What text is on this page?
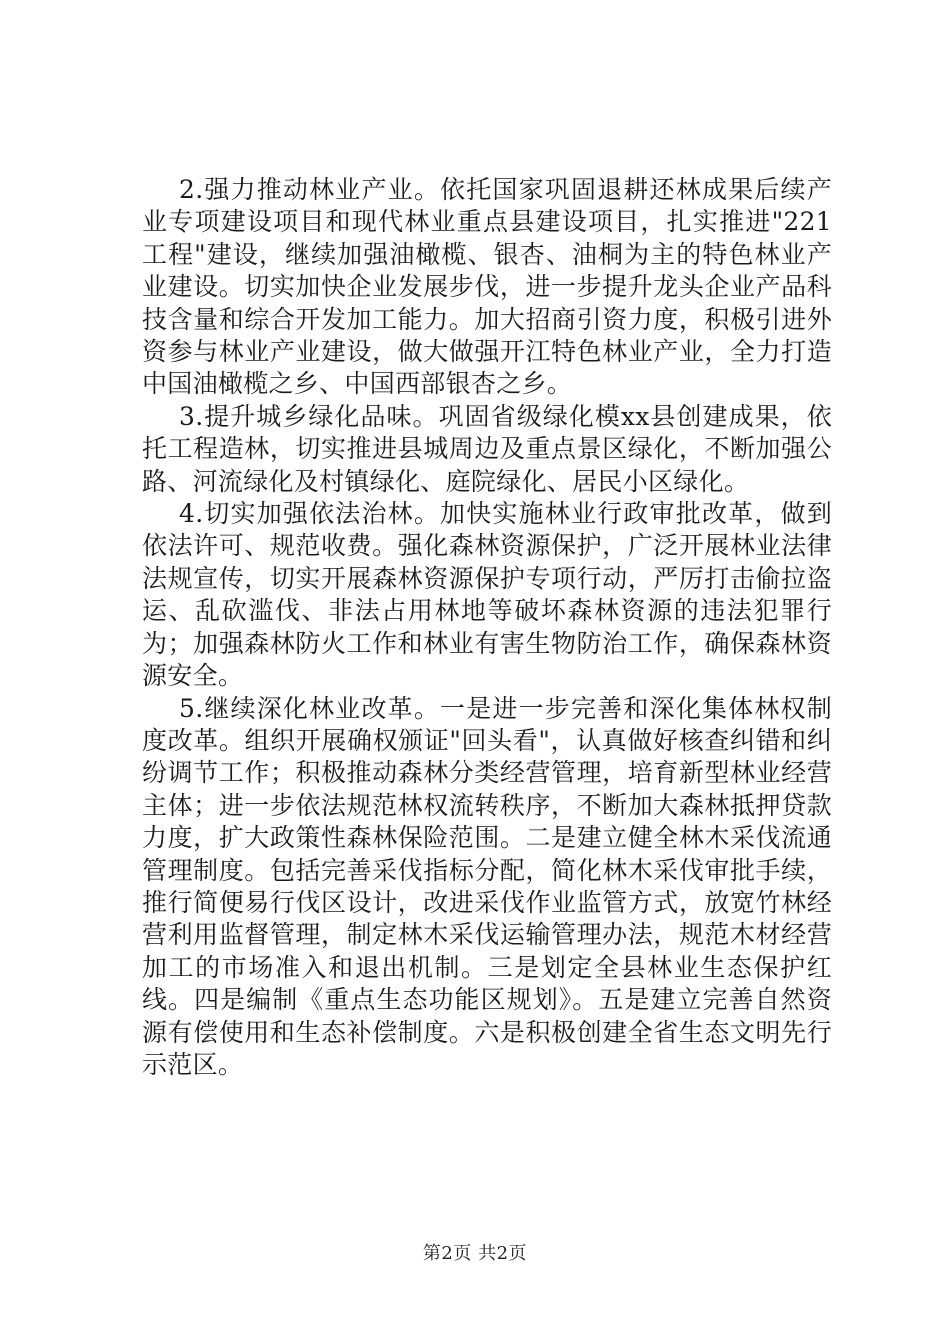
2.强力推动林业产业。依托国家巩固退耕还林成果后续产业专项建设项目和现代林业重点县建设项目，扎实推进"221工程"建设，继续加强油橄榄、银杏、油桐为主的特色林业产业建设。切实加快企业发展步伐，进一步提升龙头企业产品科技含量和综合开发加工能力。加大招商引资力度，积极引进外资参与林业产业建设，做大做强开江特色林业产业，全力打造中国油橄榄之乡、中国西部银杏之乡。

3.提升城乡绿化品味。巩固省级绿化模xx县创建成果，依托工程造林，切实推进县城周边及重点景区绿化，不断加强公路、河流绿化及村镇绿化、庭院绿化、居民小区绿化。

4.切实加强依法治林。加快实施林业行政审批改革，做到依法许可、规范收费。强化森林资源保护，广泛开展林业法律法规宣传，切实开展森林资源保护专项行动，严厉打击偷拉盗运、乱砍滥伐、非法占用林地等破坏森林资源的违法犯罪行为；加强森林防火工作和林业有害生物防治工作，确保森林资源安全。

5.继续深化林业改革。一是进一步完善和深化集体林权制度改革。组织开展确权颁证"回头看"，认真做好核查纠错和纠纷调节工作；积极推动森林分类经营管理，培育新型林业经营主体；进一步依法规范林权流转秩序，不断加大森林抵押贷款力度，扩大政策性森林保险范围。二是建立健全林木采伐流通管理制度。包括完善采伐指标分配，简化林木采伐审批手续，推行简便易行伐区设计，改进采伐作业监管方式，放宽竹林经营利用监督管理，制定林木采伐运输管理办法，规范木材经营加工的市场准入和退出机制。三是划定全县林业生态保护红线。四是编制《重点生态功能区规划》。五是建立完善自然资源有偿使用和生态补偿制度。六是积极创建全省生态文明先行示范区。

第2页 共2页
